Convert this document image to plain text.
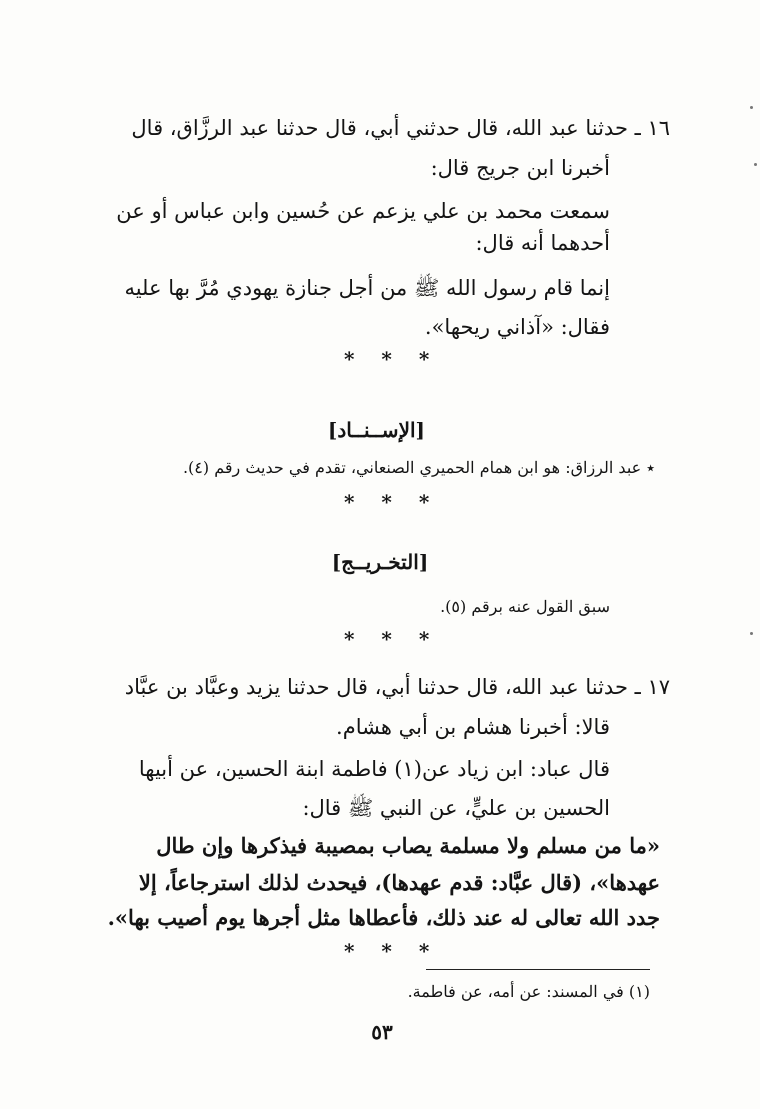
١٦ ـ حدثنا عبد الله، قال حدثني أبي، قال حدثنا عبد الرزَّاق، قال
أخبرنا ابن جريج قال:
سمعت محمد بن علي يزعم عن حُسين وابن عباس أو عن
أحدهما أنه قال:
إنما قام رسول الله ﷺ من أجل جنازة يهودي مُرَّ بها عليه
فقال: «آذاني ريحها».
* * *
[الإســنــاد]
٭ عبد الرزاق: هو ابن همام الحميري الصنعاني، تقدم في حديث رقم (٤).
* * *
[التخـريــج]
سبق القول عنه برقم (٥).
* * *
١٧ ـ حدثنا عبد الله، قال حدثنا أبي، قال حدثنا يزيد وعبَّاد بن عبَّاد
قالا: أخبرنا هشام بن أبي هشام.
قال عباد: ابن زياد عن(١) فاطمة ابنة الحسين، عن أبيها
الحسين بن عليٍّ، عن النبي ﷺ قال:
«ما من مسلم ولا مسلمة يصاب بمصيبة فيذكرها وإن طال
عهدها»، (قال عبَّاد: قدم عهدها)، فيحدث لذلك استرجاعاً، إلا
جدد الله تعالى له عند ذلك، فأعطاها مثل أجرها يوم أصيب بها».
* * *
(١) في المسند: عن أمه، عن فاطمة.
٥٣
